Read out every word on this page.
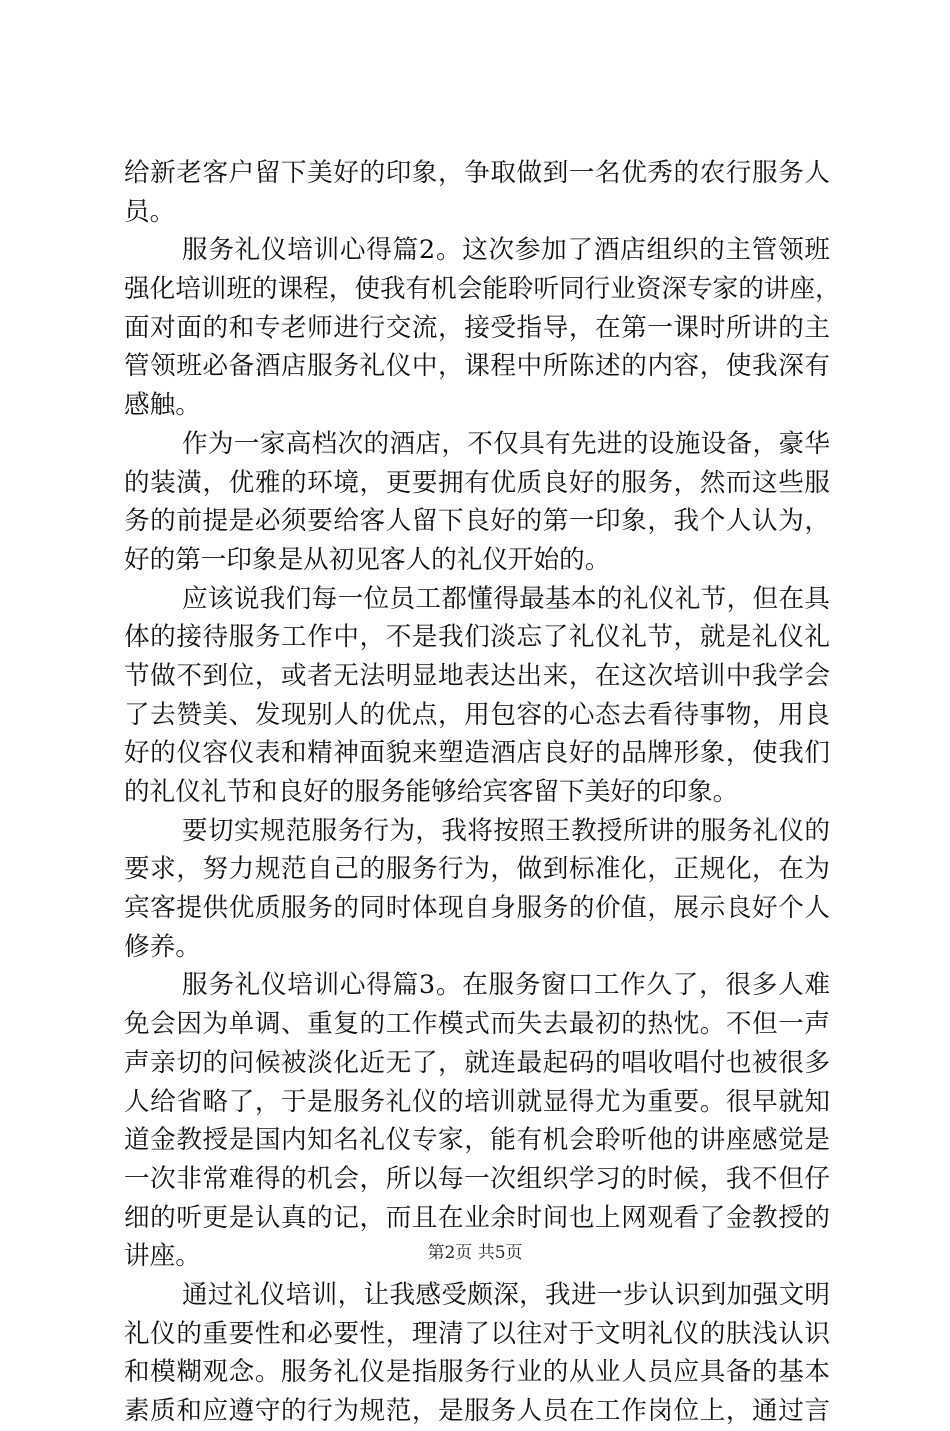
给新老客户留下美好的印象，争取做到一名优秀的农行服务人
员。
服务礼仪培训心得篇2。这次参加了酒店组织的主管领班
强化培训班的课程，使我有机会能聆听同行业资深专家的讲座，
面对面的和专老师进行交流，接受指导，在第一课时所讲的主
管领班必备酒店服务礼仪中，课程中所陈述的内容，使我深有
感触。
作为一家高档次的酒店，不仅具有先进的设施设备，豪华
的装潢，优雅的环境，更要拥有优质良好的服务，然而这些服
务的前提是必须要给客人留下良好的第一印象，我个人认为，
好的第一印象是从初见客人的礼仪开始的。
应该说我们每一位员工都懂得最基本的礼仪礼节，但在具
体的接待服务工作中，不是我们淡忘了礼仪礼节，就是礼仪礼
节做不到位，或者无法明显地表达出来，在这次培训中我学会
了去赞美、发现别人的优点，用包容的心态去看待事物，用良
好的仪容仪表和精神面貌来塑造酒店良好的品牌形象，使我们
的礼仪礼节和良好的服务能够给宾客留下美好的印象。
要切实规范服务行为，我将按照王教授所讲的服务礼仪的
要求，努力规范自己的服务行为，做到标准化，正规化，在为
宾客提供优质服务的同时体现自身服务的价值，展示良好个人
修养。
服务礼仪培训心得篇3。在服务窗口工作久了，很多人难
免会因为单调、重复的工作模式而失去最初的热忱。不但一声
声亲切的问候被淡化近无了，就连最起码的唱收唱付也被很多
人给省略了，于是服务礼仪的培训就显得尤为重要。很早就知
道金教授是国内知名礼仪专家，能有机会聆听他的讲座感觉是
一次非常难得的机会，所以每一次组织学习的时候，我不但仔
细的听更是认真的记，而且在业余时间也上网观看了金教授的
讲座。
通过礼仪培训，让我感受颇深，我进一步认识到加强文明
礼仪的重要性和必要性，理清了以往对于文明礼仪的肤浅认识
和模糊观念。服务礼仪是指服务行业的从业人员应具备的基本
素质和应遵守的行为规范，是服务人员在工作岗位上，通过言
第2页 共5页
